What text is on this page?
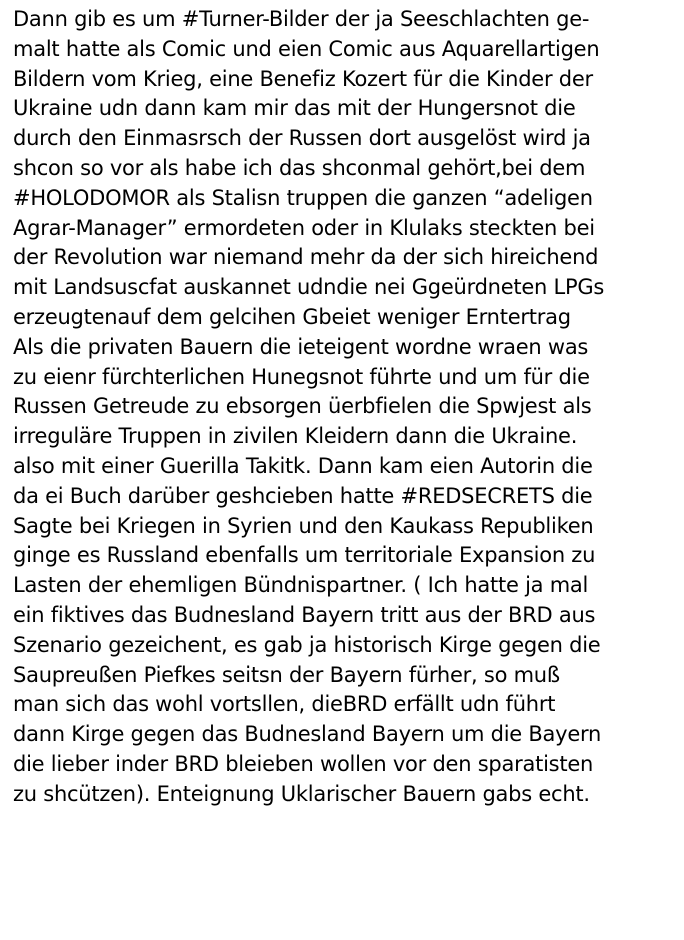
Dann gib es um #Turner-Bilder der ja Seeschlachten ge-
malt hatte als Comic und eien Comic aus Aquarellartigen
Bildern vom Krieg, eine Benefiz Kozert für die Kinder der
Ukraine udn dann kam mir das mit der Hungersnot die
durch den Einmasrsch der Russen dort ausgelöst wird ja
shcon so vor als habe ich das shconmal gehört,bei dem
#HOLODOMOR als Stalisn truppen die ganzen “adeligen
Agrar-Manager” ermordeten oder in Klulaks steckten bei
der Revolution war niemand mehr da der sich hireichend
mit Landsuscfat auskannet udndie nei Ggeürdneten LPGs
erzeugtenauf dem gelcihen Gbeiet weniger Erntertrag
Als die privaten Bauern die ieteigent wordne wraen was
zu eienr fürchterlichen Hunegsnot führte und um für die
Russen Getreude zu ebsorgen üerbfielen die Spwjest als
irreguläre Truppen in zivilen Kleidern dann die Ukraine.
also mit einer Guerilla Takitk. Dann kam eien Autorin die
da ei Buch darüber geshcieben hatte #REDSECRETS die
Sagte bei Kriegen in Syrien und den Kaukass Republiken
ginge es Russland ebenfalls um territoriale Expansion zu
Lasten der ehemligen Bündnispartner. ( Ich hatte ja mal
ein fiktives das Budnesland Bayern tritt aus der BRD aus
Szenario gezeichent, es gab ja historisch Kirge gegen die
Saupreußen Piefkes seitsn der Bayern fürher, so muß
man sich das wohl vortsllen, dieBRD erfällt udn führt
dann Kirge gegen das Budnesland Bayern um die Bayern
die lieber inder BRD bleieben wollen vor den sparatisten
zu shcützen). Enteignung Uklarischer Bauern gabs echt.
